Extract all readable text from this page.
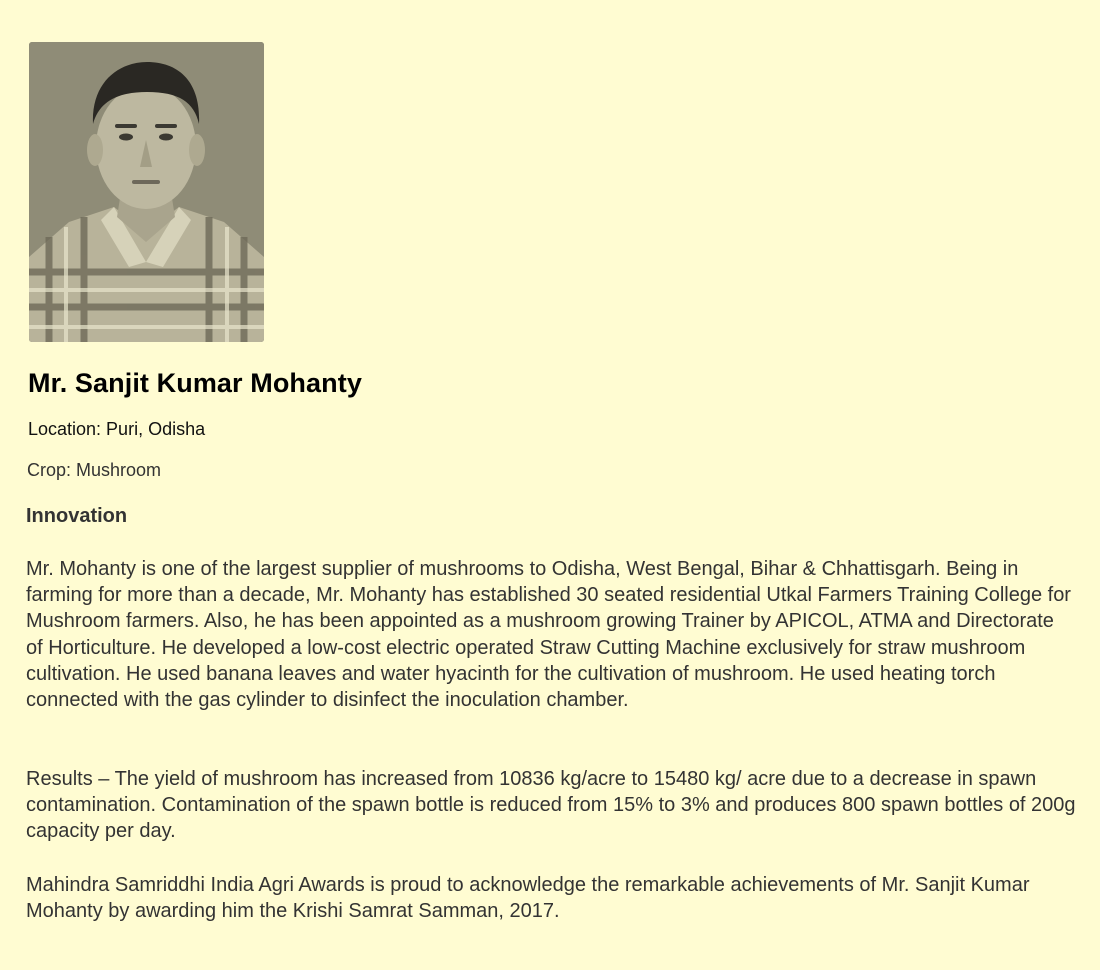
Mr. Sanjit Kumar Mohanty

Location: Puri, Odisha

Crop: Mushroom

Innovation

Mr. Mohanty is one of the largest supplier of mushrooms to Odisha, West Bengal, Bihar & Chhattisgarh. Being in farming for more than a decade, Mr. Mohanty has established 30 seated residential Utkal Farmers Training College for Mushroom farmers. Also, he has been appointed as a mushroom growing Trainer by APICOL, ATMA and Directorate of Horticulture. He developed a low-cost electric operated Straw Cutting Machine exclusively for straw mushroom cultivation. He used banana leaves and water hyacinth for the cultivation of mushroom. He used heating torch connected with the gas cylinder to disinfect the inoculation chamber.

Results – The yield of mushroom has increased from 10836 kg/acre to 15480 kg/ acre due to a decrease in spawn contamination. Contamination of the spawn bottle is reduced from 15% to 3% and produces 800 spawn bottles of 200g capacity per day.

Mahindra Samriddhi India Agri Awards is proud to acknowledge the remarkable achievements of Mr. Sanjit Kumar Mohanty by awarding him the Krishi Samrat Samman, 2017.
